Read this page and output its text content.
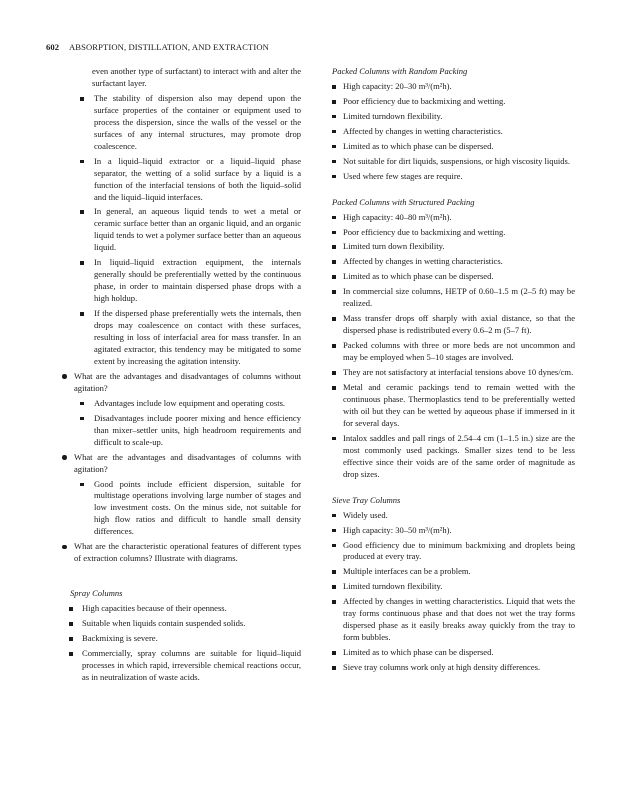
602 ABSORPTION, DISTILLATION, AND EXTRACTION

even another type of surfactant) to interact with and alter the surfactant layer.

The stability of dispersion also may depend upon the surface properties of the container or equipment used to process the dispersion, since the walls of the vessel or the surfaces of any internal structures, may promote drop coalescence.
In a liquid–liquid extractor or a liquid–liquid phase separator, the wetting of a solid surface by a liquid is a function of the interfacial tensions of both the liquid–solid and the liquid–liquid interfaces.
In general, an aqueous liquid tends to wet a metal or ceramic surface better than an organic liquid, and an organic liquid tends to wet a polymer surface better than an aqueous liquid.
In liquid–liquid extraction equipment, the internals generally should be preferentially wetted by the continuous phase, in order to maintain dispersed phase drops with a high holdup.
If the dispersed phase preferentially wets the internals, then drops may coalescence on contact with these surfaces, resulting in loss of interfacial area for mass transfer. In an agitated extractor, this tendency may be mitigated to some extent by increasing the agitation intensity.
What are the advantages and disadvantages of columns without agitation?
Advantages include low equipment and operating costs.
Disadvantages include poorer mixing and hence efficiency than mixer–settler units, high headroom requirements and difficult to scale-up.
What are the advantages and disadvantages of columns with agitation?
Good points include efficient dispersion, suitable for multistage operations involving large number of stages and low investment costs. On the minus side, not suitable for high flow ratios and difficult to handle small density differences.
What are the characteristic operational features of different types of extraction columns? Illustrate with diagrams.

Spray Columns

High capacities because of their openness.
Suitable when liquids contain suspended solids.
Backmixing is severe.
Commercially, spray columns are suitable for liquid–liquid processes in which rapid, irreversible chemical reactions occur, as in neutralization of waste acids.

Packed Columns with Random Packing

High capacity: 20–30 m³/(m²h).
Poor efficiency due to backmixing and wetting.
Limited turndown flexibility.
Affected by changes in wetting characteristics.
Limited as to which phase can be dispersed.
Not suitable for dirt liquids, suspensions, or high viscosity liquids.
Used where few stages are require.

Packed Columns with Structured Packing

High capacity: 40–80 m³/(m²h).
Poor efficiency due to backmixing and wetting.
Limited turn down flexibility.
Affected by changes in wetting characteristics.
Limited as to which phase can be dispersed.
In commercial size columns, HETP of 0.60–1.5 m (2–5 ft) may be realized.
Mass transfer drops off sharply with axial distance, so that the dispersed phase is redistributed every 0.6–2 m (5–7 ft).
Packed columns with three or more beds are not uncommon and may be employed when 5–10 stages are involved.
They are not satisfactory at interfacial tensions above 10 dynes/cm.
Metal and ceramic packings tend to remain wetted with the continuous phase. Thermoplastics tend to be preferentially wetted with oil but they can be wetted by aqueous phase if immersed in it for several days.
Intalox saddles and pall rings of 2.54–4 cm (1–1.5 in.) size are the most commonly used packings. Smaller sizes tend to be less effective since their voids are of the same order of magnitude as drop sizes.

Sieve Tray Columns

Widely used.
High capacity: 30–50 m³/(m²h).
Good efficiency due to minimum backmixing and droplets being produced at every tray.
Multiple interfaces can be a problem.
Limited turndown flexibility.
Affected by changes in wetting characteristics. Liquid that wets the tray forms continuous phase and that does not wet the tray forms dispersed phase as it easily breaks away quickly from the tray to form bubbles.
Limited as to which phase can be dispersed.
Sieve tray columns work only at high density differences.
